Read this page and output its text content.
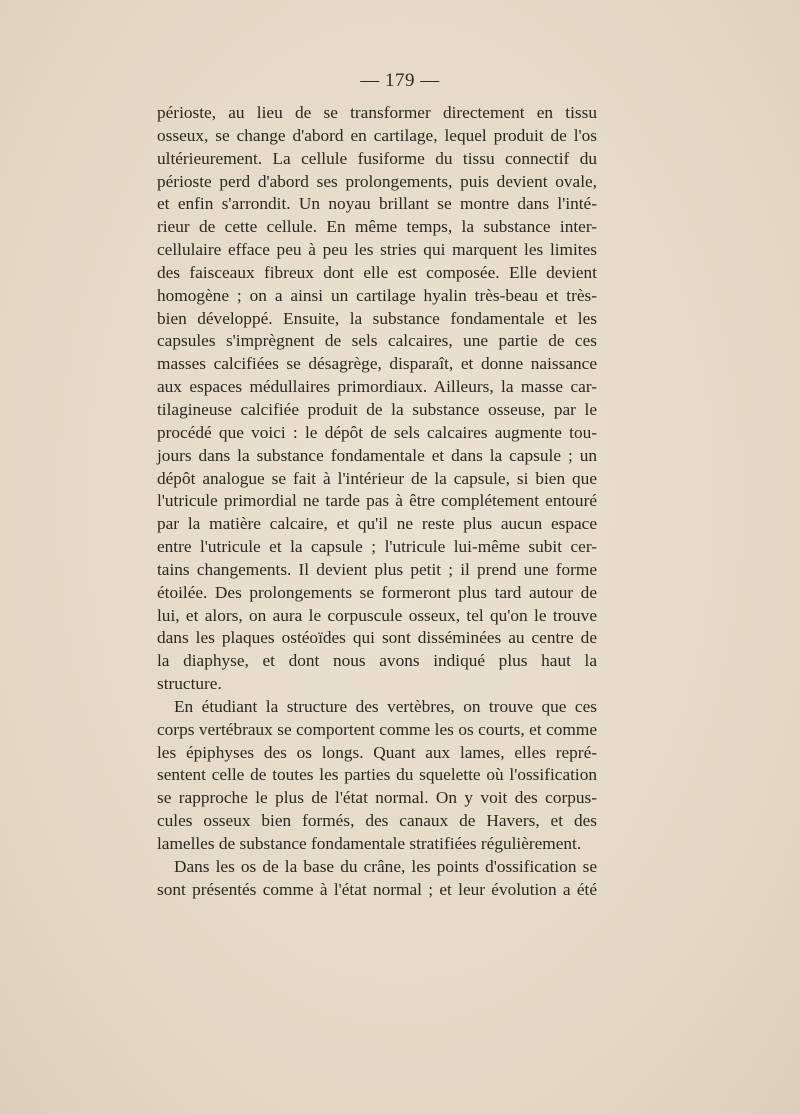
— 179 —
périoste, au lieu de se transformer directement en tissu
osseux, se change d'abord en cartilage, lequel produit de l'os
ultérieurement. La cellule fusiforme du tissu connectif du
périoste perd d'abord ses prolongements, puis devient ovale,
et enfin s'arrondit. Un noyau brillant se montre dans l'inté-
rieur de cette cellule. En même temps, la substance inter-
cellulaire efface peu à peu les stries qui marquent les limites
des faisceaux fibreux dont elle est composée. Elle devient
homogène ; on a ainsi un cartilage hyalin très-beau et très-
bien développé. Ensuite, la substance fondamentale et les
capsules s'imprègnent de sels calcaires, une partie de ces
masses calcifiées se désagrège, disparaît, et donne naissance
aux espaces médullaires primordiaux. Ailleurs, la masse car-
tilagineuse calcifiée produit de la substance osseuse, par le
procédé que voici : le dépôt de sels calcaires augmente tou-
jours dans la substance fondamentale et dans la capsule ; un
dépôt analogue se fait à l'intérieur de la capsule, si bien que
l'utricule primordial ne tarde pas à être complétement entouré
par la matière calcaire, et qu'il ne reste plus aucun espace
entre l'utricule et la capsule ; l'utricule lui-même subit cer-
tains changements. Il devient plus petit ; il prend une forme
étoilée. Des prolongements se formeront plus tard autour de
lui, et alors, on aura le corpuscule osseux, tel qu'on le trouve
dans les plaques ostéoïdes qui sont disséminées au centre de
la diaphyse, et dont nous avons indiqué plus haut la
structure.
En étudiant la structure des vertèbres, on trouve que ces
corps vertébraux se comportent comme les os courts, et comme
les épiphyses des os longs. Quant aux lames, elles repré-
sentent celle de toutes les parties du squelette où l'ossification
se rapproche le plus de l'état normal. On y voit des corpus-
cules osseux bien formés, des canaux de Havers, et des
lamelles de substance fondamentale stratifiées régulièrement.
Dans les os de la base du crâne, les points d'ossification se
sont présentés comme à l'état normal ; et leur évolution a été
